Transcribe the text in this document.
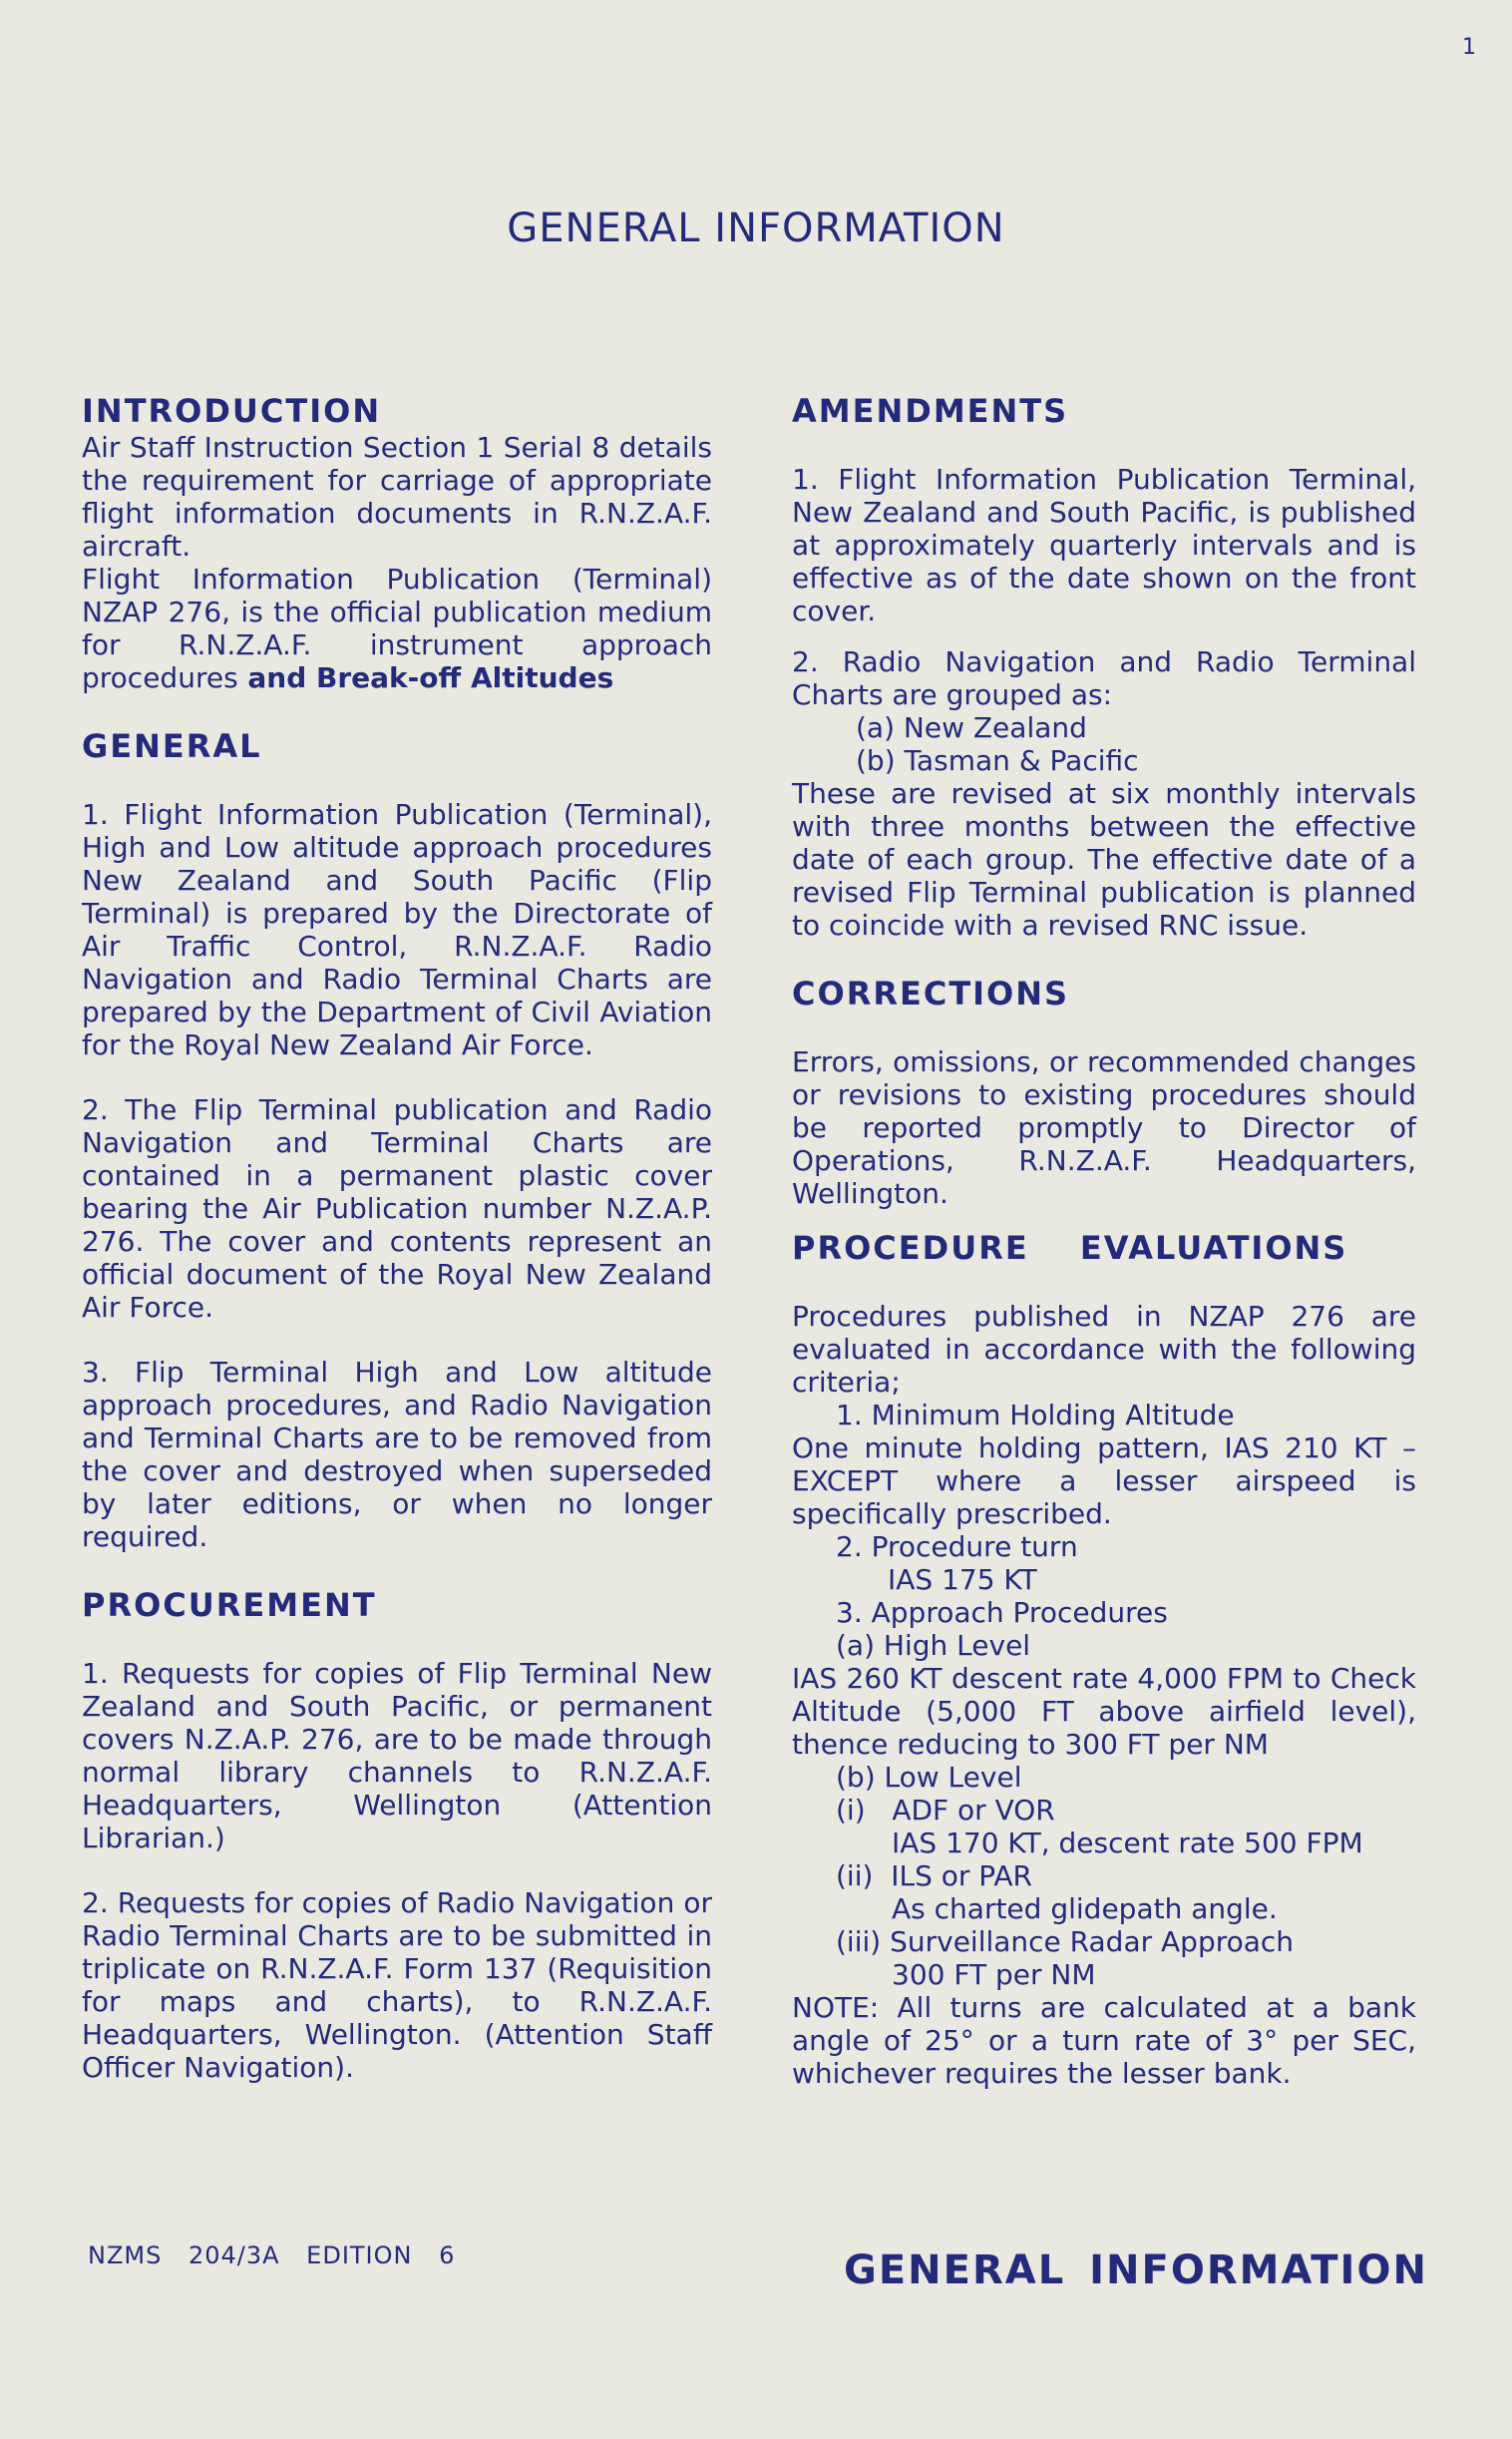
1
GENERAL INFORMATION
INTRODUCTION

Air Staff Instruction Section 1 Serial 8 details the requirement for carriage of appropriate flight information documents in R.N.Z.A.F. aircraft.

Flight Information Publication (Terminal) NZAP 276, is the official publication medium for R.N.Z.A.F. instrument approach procedures and Break-off Altitudes

GENERAL

1. Flight Information Publication (Terminal), High and Low altitude approach procedures New Zealand and South Pacific (Flip Terminal) is prepared by the Directorate of Air Traffic Control, R.N.Z.A.F. Radio Navigation and Radio Terminal Charts are prepared by the Department of Civil Aviation for the Royal New Zealand Air Force.

2. The Flip Terminal publication and Radio Navigation and Terminal Charts are contained in a permanent plastic cover bearing the Air Publication number N.Z.A.P. 276. The cover and contents represent an official document of the Royal New Zealand Air Force.

3. Flip Terminal High and Low altitude approach procedures, and Radio Navigation and Terminal Charts are to be removed from the cover and destroyed when superseded by later editions, or when no longer required.

PROCUREMENT

1. Requests for copies of Flip Terminal New Zealand and South Pacific, or permanent covers N.Z.A.P. 276, are to be made through normal library channels to R.N.Z.A.F. Headquarters, Wellington (Attention Librarian.)

2. Requests for copies of Radio Navigation or Radio Terminal Charts are to be submitted in triplicate on R.N.Z.A.F. Form 137 (Requisition for maps and charts), to R.N.Z.A.F. Headquarters, Wellington. (Attention Staff Officer Navigation).

AMENDMENTS

1. Flight Information Publication Terminal, New Zealand and South Pacific, is published at approximately quarterly intervals and is effective as of the date shown on the front cover.

2. Radio Navigation and Radio Terminal Charts are grouped as:

(a) New Zealand

(b) Tasman & Pacific

These are revised at six monthly intervals with three months between the effective date of each group. The effective date of a revised Flip Terminal publication is planned to coincide with a revised RNC issue.

CORRECTIONS

Errors, omissions, or recommended changes or revisions to existing procedures should be reported promptly to Director of Operations, R.N.Z.A.F. Headquarters, Wellington.

PROCEDURE EVALUATIONS

Procedures published in NZAP 276 are evaluated in accordance with the following criteria;

1. Minimum Holding Altitude

One minute holding pattern, IAS 210 KT – EXCEPT where a lesser airspeed is specifically prescribed.

2. Procedure turn

IAS 175 KT

3. Approach Procedures

(a) High Level

IAS 260 KT descent rate 4,000 FPM to Check Altitude (5,000 FT above airfield level), thence reducing to 300 FT per NM

(b) Low Level

(i)   ADF or VOR

IAS 170 KT, descent rate 500 FPM

(ii)  ILS or PAR

As charted glidepath angle.

(iii) Surveillance Radar Approach

300 FT per NM

NOTE: All turns are calculated at a bank angle of 25° or a turn rate of 3° per SEC, whichever requires the lesser bank.

NZMS 204/3A EDITION 6	GENERAL INFORMATION
